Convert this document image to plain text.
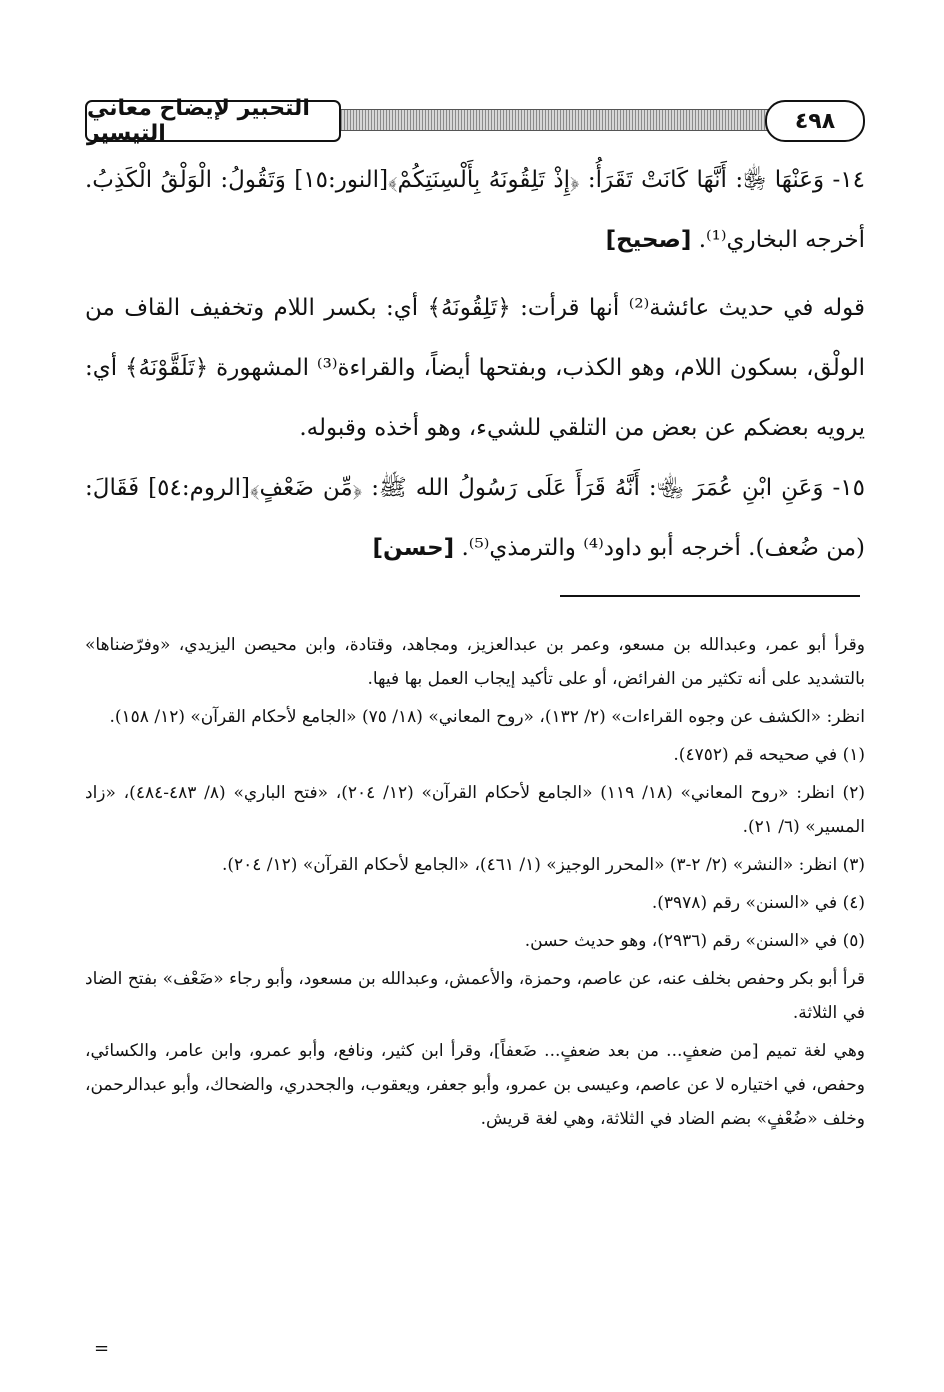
التحبير لإيضاح معاني التيسير	٤٩٨

١٤- وَعَنْهَا ﵂: أَنَّهَا كَانَتْ تَقَرَأُ: ﴿إِذْ تَلِقُونَهُ بِأَلْسِنَتِكُمْ﴾[النور:١٥] وَتَقُولُ: الْوَلْقُ الْكَذِبُ. أخرجه البخاري⁽¹⁾. [صحيح]

قوله في حديث عائشة⁽²⁾ أنها قرأت: ﴿تَلِقُونَهُ﴾ أي: بكسر اللام وتخفيف القاف من الولْق، بسكون اللام، وهو الكذب، وبفتحها أيضاً، والقراءة⁽³⁾ المشهورة ﴿تَلَقَّوْنَهُ﴾ أي: يرويه بعضكم عن بعض من التلقي للشيء، وهو أخذه وقبوله.

١٥- وَعَنِ ابْنِ عُمَرَ ﵄: أَنَّهُ قَرَأَ عَلَى رَسُولُ الله ﷺ: ﴿مِّن ضَعْفٍ﴾[الروم:٥٤] فَقَالَ: (من ضُعف). أخرجه أبو داود⁽⁴⁾ والترمذي⁽⁵⁾. [حسن]

وقرأ أبو عمر، وعبدالله بن مسعو، وعمر بن عبدالعزيز، ومجاهد، وقتادة، وابن محيصن اليزيدي، «وفرّضناها» بالتشديد على أنه تكثير من الفرائض، أو على تأكيد إيجاب العمل بها فيها.

انظر: «الكشف عن وجوه القراءات» (٢/ ١٣٢)، «روح المعاني» (١٨/ ٧٥) «الجامع لأحكام القرآن» (١٢/ ١٥٨).

(١) في صحيحه قم (٤٧٥٢).

(٢) انظر: «روح المعاني» (١٨/ ١١٩) «الجامع لأحكام القرآن» (١٢/ ٢٠٤)، «فتح الباري» (٨/ ٤٨٣-٤٨٤)، «زاد المسير» (٦/ ٢١).

(٣) انظر: «النشر» (٢/ ٢-٣) «المحرر الوجيز» (١/ ٤٦١)، «الجامع لأحكام القرآن» (١٢/ ٢٠٤).

(٤) في «السنن» رقم (٣٩٧٨).

(٥) في «السنن» رقم (٢٩٣٦)، وهو حديث حسن.

قرأ أبو بكر وحفص بخلف عنه، عن عاصم، وحمزة، والأعمش، وعبدالله بن مسعود، وأبو رجاء «ضَعْف» بفتح الضاد في الثلاثة.

وهي لغة تميم [من ضعفٍ... من بعد ضعفٍ... ضَعفاً]، وقرأ ابن كثير، ونافع، وأبو عمرو، وابن عامر، والكسائي، وحفص، في اختياره لا عن عاصم، وعيسى بن عمرو، وأبو جعفر، ويعقوب، والجحدري، والضحاك، وأبو عبدالرحمن، وخلف «ضُعْفٍ» بضم الضاد في الثلاثة، وهي لغة قريش.

=
